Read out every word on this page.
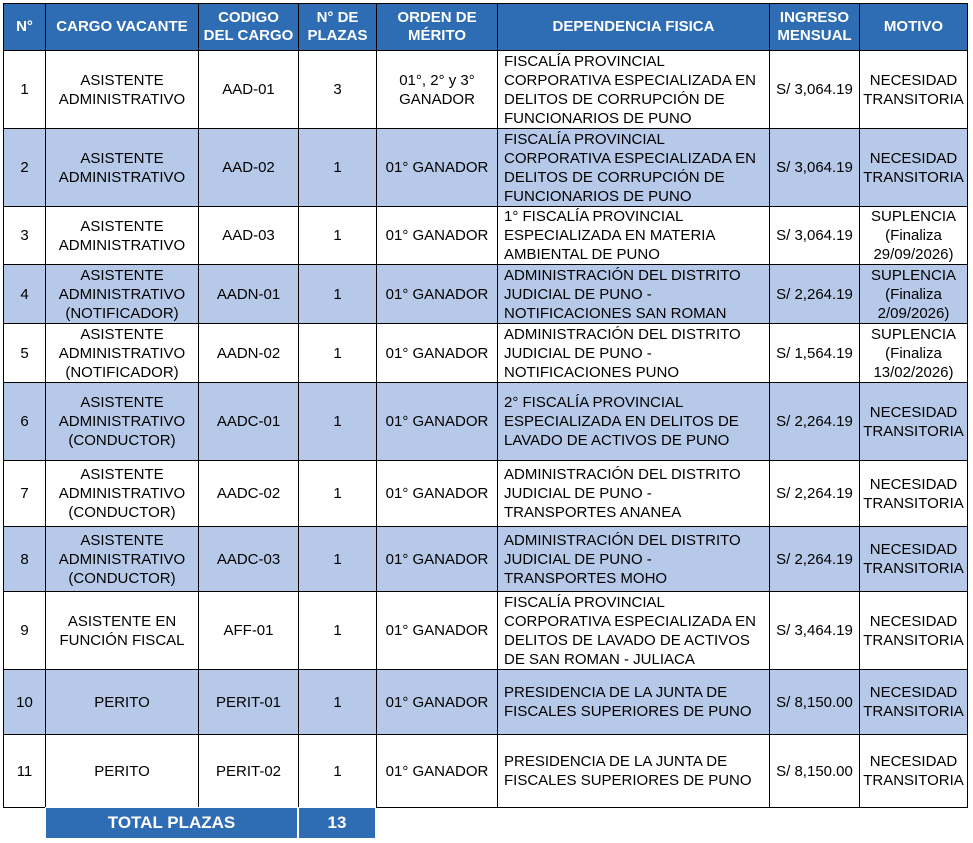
N°	CARGO VACANTE	CODIGO DEL CARGO	N° DE PLAZAS	ORDEN DE MÉRITO	DEPENDENCIA FISICA	INGRESO MENSUAL	MOTIVO
1	ASISTENTE ADMINISTRATIVO	AAD-01	3	01°, 2° y 3° GANADOR	FISCALÍA PROVINCIAL CORPORATIVA ESPECIALIZADA EN DELITOS DE CORRUPCIÓN DE FUNCIONARIOS DE PUNO	S/ 3,064.19	NECESIDAD TRANSITORIA
2	ASISTENTE ADMINISTRATIVO	AAD-02	1	01° GANADOR	FISCALÍA PROVINCIAL CORPORATIVA ESPECIALIZADA EN DELITOS DE CORRUPCIÓN DE FUNCIONARIOS DE PUNO	S/ 3,064.19	NECESIDAD TRANSITORIA
3	ASISTENTE ADMINISTRATIVO	AAD-03	1	01° GANADOR	1° FISCALÍA PROVINCIAL ESPECIALIZADA EN MATERIA AMBIENTAL DE PUNO	S/ 3,064.19	SUPLENCIA (Finaliza 29/09/2026)
4	ASISTENTE ADMINISTRATIVO (NOTIFICADOR)	AADN-01	1	01° GANADOR	ADMINISTRACIÓN DEL DISTRITO JUDICIAL DE PUNO - NOTIFICACIONES SAN ROMAN	S/ 2,264.19	SUPLENCIA (Finaliza 2/09/2026)
5	ASISTENTE ADMINISTRATIVO (NOTIFICADOR)	AADN-02	1	01° GANADOR	ADMINISTRACIÓN DEL DISTRITO JUDICIAL DE PUNO - NOTIFICACIONES PUNO	S/ 1,564.19	SUPLENCIA (Finaliza 13/02/2026)
6	ASISTENTE ADMINISTRATIVO (CONDUCTOR)	AADC-01	1	01° GANADOR	2° FISCALÍA PROVINCIAL ESPECIALIZADA EN DELITOS DE LAVADO DE ACTIVOS DE PUNO	S/ 2,264.19	NECESIDAD TRANSITORIA
7	ASISTENTE ADMINISTRATIVO (CONDUCTOR)	AADC-02	1	01° GANADOR	ADMINISTRACIÓN DEL DISTRITO JUDICIAL DE PUNO - TRANSPORTES ANANEA	S/ 2,264.19	NECESIDAD TRANSITORIA
8	ASISTENTE ADMINISTRATIVO (CONDUCTOR)	AADC-03	1	01° GANADOR	ADMINISTRACIÓN DEL DISTRITO JUDICIAL DE PUNO - TRANSPORTES MOHO	S/ 2,264.19	NECESIDAD TRANSITORIA
9	ASISTENTE EN FUNCIÓN FISCAL	AFF-01	1	01° GANADOR	FISCALÍA PROVINCIAL CORPORATIVA ESPECIALIZADA EN DELITOS DE LAVADO DE ACTIVOS DE SAN ROMAN - JULIACA	S/ 3,464.19	NECESIDAD TRANSITORIA
10	PERITO	PERIT-01	1	01° GANADOR	PRESIDENCIA DE LA JUNTA DE FISCALES SUPERIORES DE PUNO	S/ 8,150.00	NECESIDAD TRANSITORIA
11	PERITO	PERIT-02	1	01° GANADOR	PRESIDENCIA DE LA JUNTA DE FISCALES SUPERIORES DE PUNO	S/ 8,150.00	NECESIDAD TRANSITORIA
TOTAL PLAZAS	13
